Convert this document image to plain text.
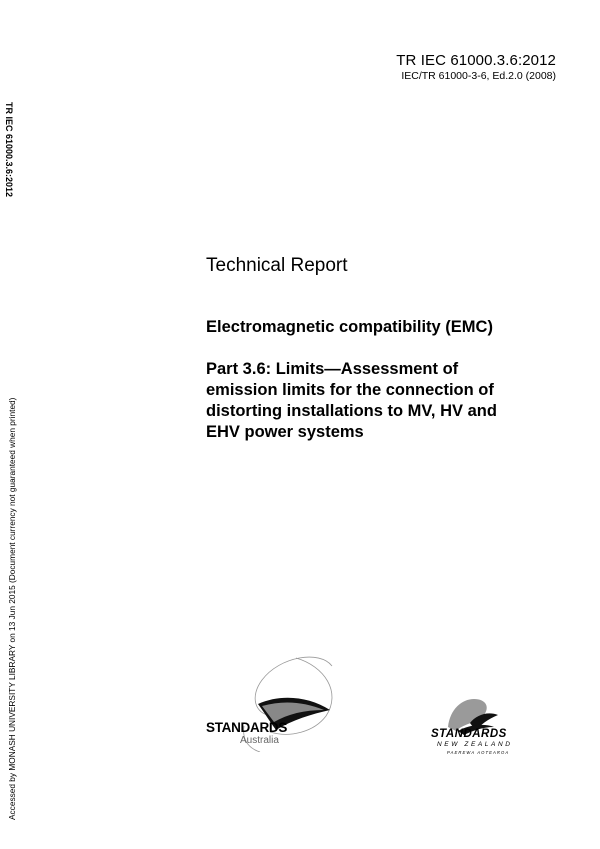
TR IEC 61000.3.6:2012
IEC/TR 61000-3-6, Ed.2.0 (2008)
TR IEC 61000.3.6:2012
Accessed by MONASH UNIVERSITY LIBRARY on 13 Jun 2015 (Document currency not guaranteed when printed)
Technical Report
Electromagnetic compatibility (EMC)
Part 3.6: Limits—Assessment of
emission limits for the connection of
distorting installations to MV, HV and
EHV power systems
STANDARDS
Australia
STANDARDS
NEW ZEALAND
PAEREWA AOTEAROA
